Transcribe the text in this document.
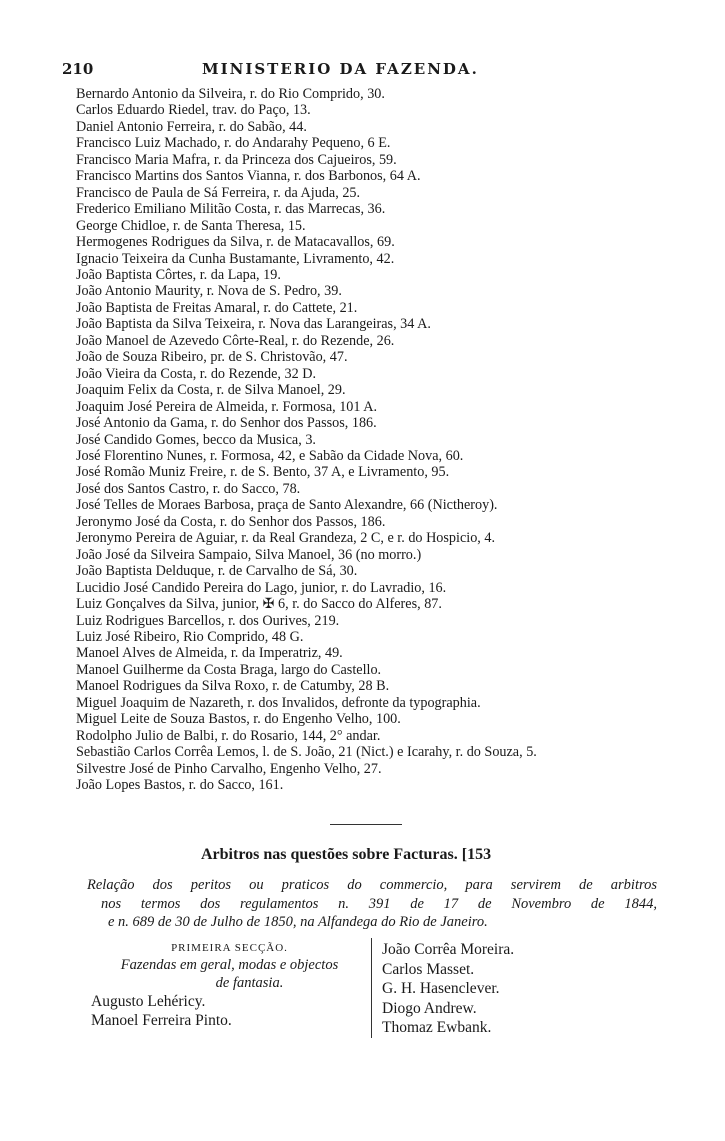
210	MINISTERIO DA FAZENDA.
Bernardo Antonio da Silveira, r. do Rio Comprido, 30.
Carlos Eduardo Riedel, trav. do Paço, 13.
Daniel Antonio Ferreira, r. do Sabão, 44.
Francisco Luiz Machado, r. do Andarahy Pequeno, 6 E.
Francisco Maria Mafra, r. da Princeza dos Cajueiros, 59.
Francisco Martins dos Santos Vianna, r. dos Barbonos, 64 A.
Francisco de Paula de Sá Ferreira, r. da Ajuda, 25.
Frederico Emiliano Militão Costa, r. das Marrecas, 36.
George Chidloe, r. de Santa Theresa, 15.
Hermogenes Rodrigues da Silva, r. de Matacavallos, 69.
Ignacio Teixeira da Cunha Bustamante, Livramento, 42.
João Baptista Côrtes, r. da Lapa, 19.
João Antonio Maurity, r. Nova de S. Pedro, 39.
João Baptista de Freitas Amaral, r. do Cattete, 21.
João Baptista da Silva Teixeira, r. Nova das Larangeiras, 34 A.
João Manoel de Azevedo Côrte-Real, r. do Rezende, 26.
João de Souza Ribeiro, pr. de S. Christovão, 47.
João Vieira da Costa, r. do Rezende, 32 D.
Joaquim Felix da Costa, r. de Silva Manoel, 29.
Joaquim José Pereira de Almeida, r. Formosa, 101 A.
José Antonio da Gama, r. do Senhor dos Passos, 186.
José Candido Gomes, becco da Musica, 3.
José Florentino Nunes, r. Formosa, 42, e Sabão da Cidade Nova, 60.
José Romão Muniz Freire, r. de S. Bento, 37 A, e Livramento, 95.
José dos Santos Castro, r. do Sacco, 78.
José Telles de Moraes Barbosa, praça de Santo Alexandre, 66 (Nictheroy).
Jeronymo José da Costa, r. do Senhor dos Passos, 186.
Jeronymo Pereira de Aguiar, r. da Real Grandeza, 2 C, e r. do Hospicio, 4.
João José da Silveira Sampaio, Silva Manoel, 36 (no morro.)
João Baptista Delduque, r. de Carvalho de Sá, 30.
Lucidio José Candido Pereira do Lago, junior, r. do Lavradio, 16.
Luiz Gonçalves da Silva, junior, ✠ 6, r. do Sacco do Alferes, 87.
Luiz Rodrigues Barcellos, r. dos Ourives, 219.
Luiz José Ribeiro, Rio Comprido, 48 G.
Manoel Alves de Almeida, r. da Imperatriz, 49.
Manoel Guilherme da Costa Braga, largo do Castello.
Manoel Rodrigues da Silva Roxo, r. de Catumby, 28 B.
Miguel Joaquim de Nazareth, r. dos Invalidos, defronte da typographia.
Miguel Leite de Souza Bastos, r. do Engenho Velho, 100.
Rodolpho Julio de Balbi, r. do Rosario, 144, 2° andar.
Sebastião Carlos Corrêa Lemos, l. de S. João, 21 (Nict.) e Icarahy, r. do Souza, 5.
Silvestre José de Pinho Carvalho, Engenho Velho, 27.
João Lopes Bastos, r. do Sacco, 161.
Arbitros nas questões sobre Facturas. [153
Relação dos peritos ou praticos do commercio, para servirem de arbitros
nos termos dos regulamentos n. 391 de 17 de Novembro de 1844,
e n. 689 de 30 de Julho de 1850, na Alfandega do Rio de Janeiro.
PRIMEIRA SECÇÃO.
Fazendas em geral, modas e objectos
de fantasia.
Augusto Lehéricy.
Manoel Ferreira Pinto.
João Corrêa Moreira.
Carlos Masset.
G. H. Hasenclever.
Diogo Andrew.
Thomaz Ewbank.
